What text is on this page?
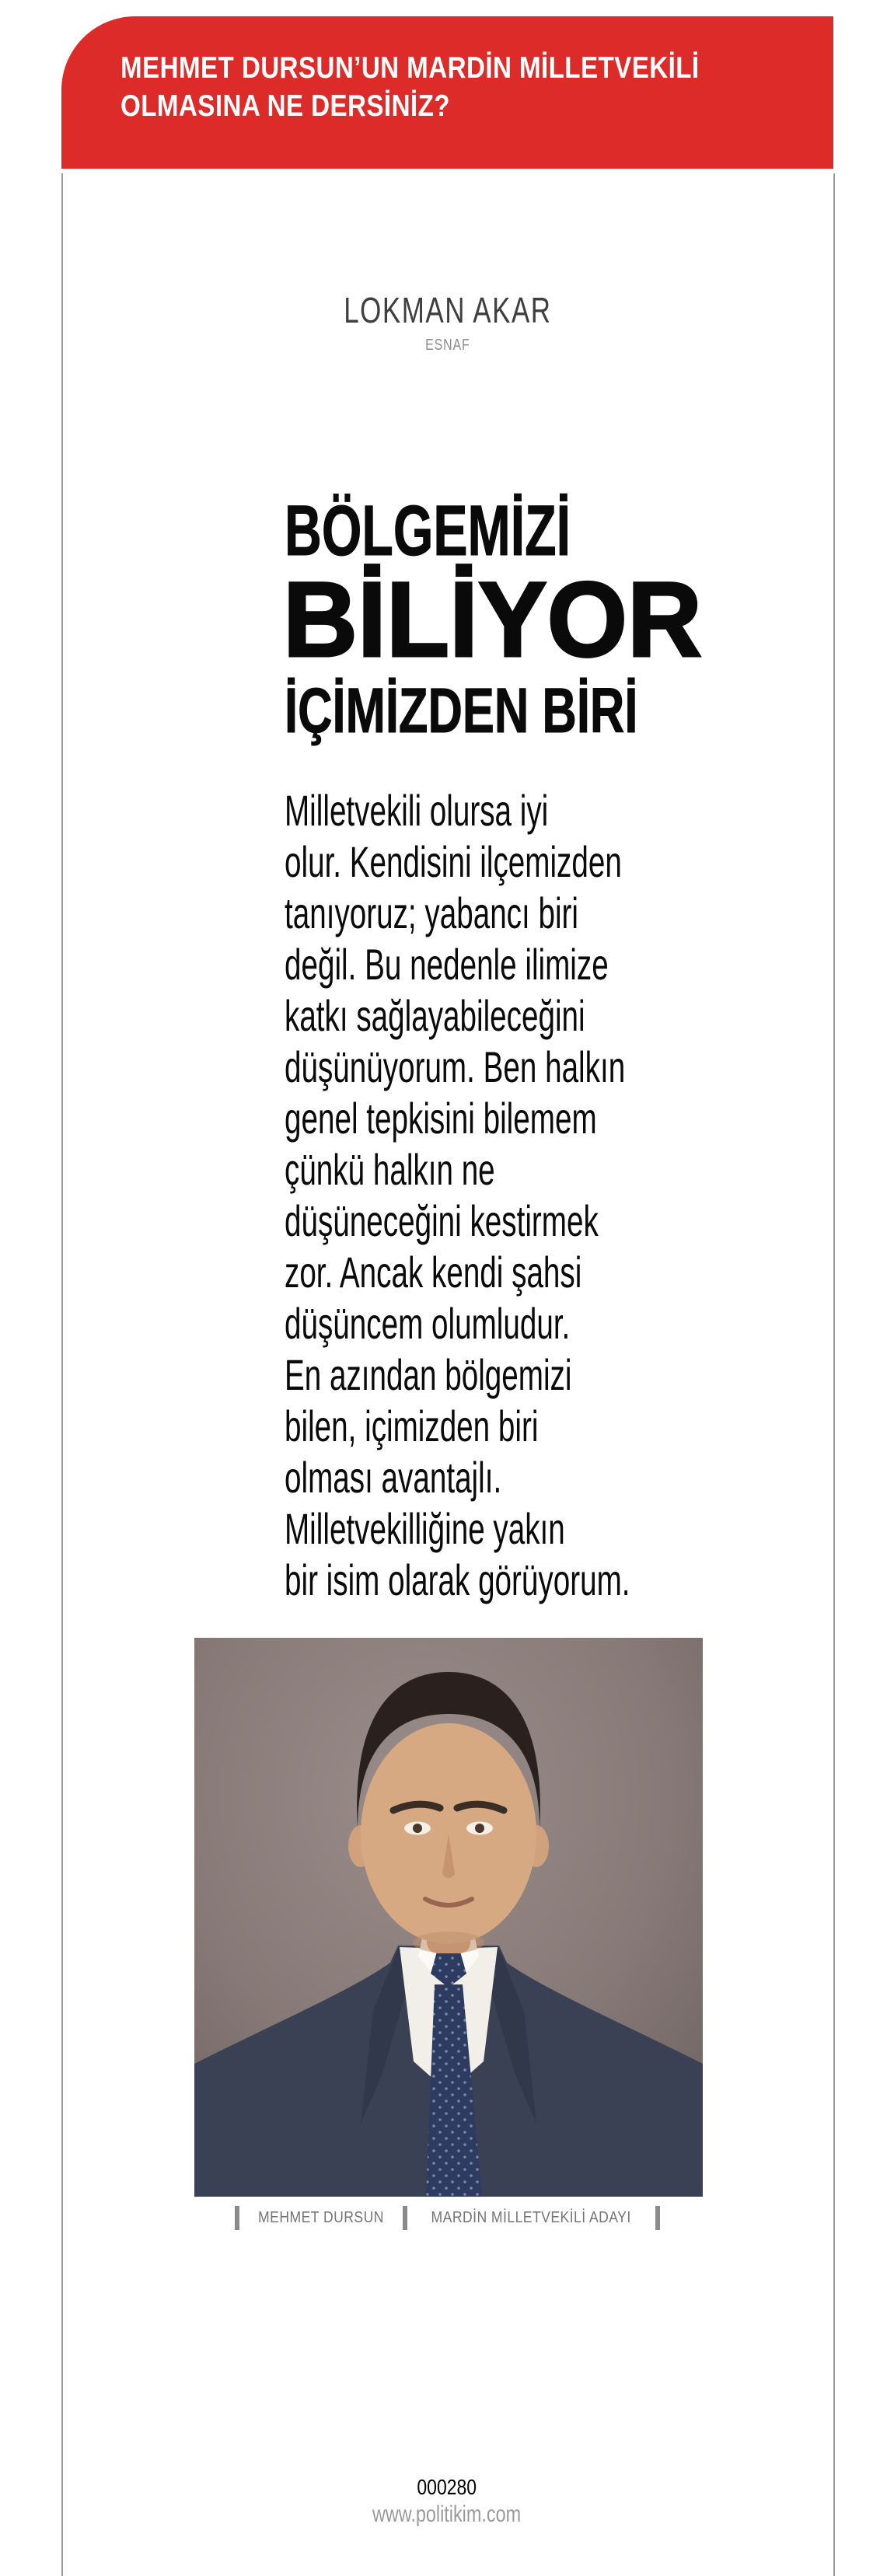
MEHMET DURSUN’UN MARDİN MİLLETVEKİLİ
OLMASINA NE DERSİNİZ?
LOKMAN AKAR
ESNAF
BÖLGEMİZİ
BİLİYOR
İÇİMİZDEN BİRİ
Milletvekili olursa iyi
olur. Kendisini ilçemizden
tanıyoruz; yabancı biri
değil. Bu nedenle ilimize
katkı sağlayabileceğini
düşünüyorum. Ben halkın
genel tepkisini bilemem
çünkü halkın ne
düşüneceğini kestirmek
zor. Ancak kendi şahsi
düşüncem olumludur.
En azından bölgemizi
bilen, içimizden biri
olması avantajlı.
Milletvekilliğine yakın
bir isim olarak görüyorum.
MEHMET DURSUN	MARDİN MİLLETVEKİLİ ADAYI
000280
www.politikim.com
